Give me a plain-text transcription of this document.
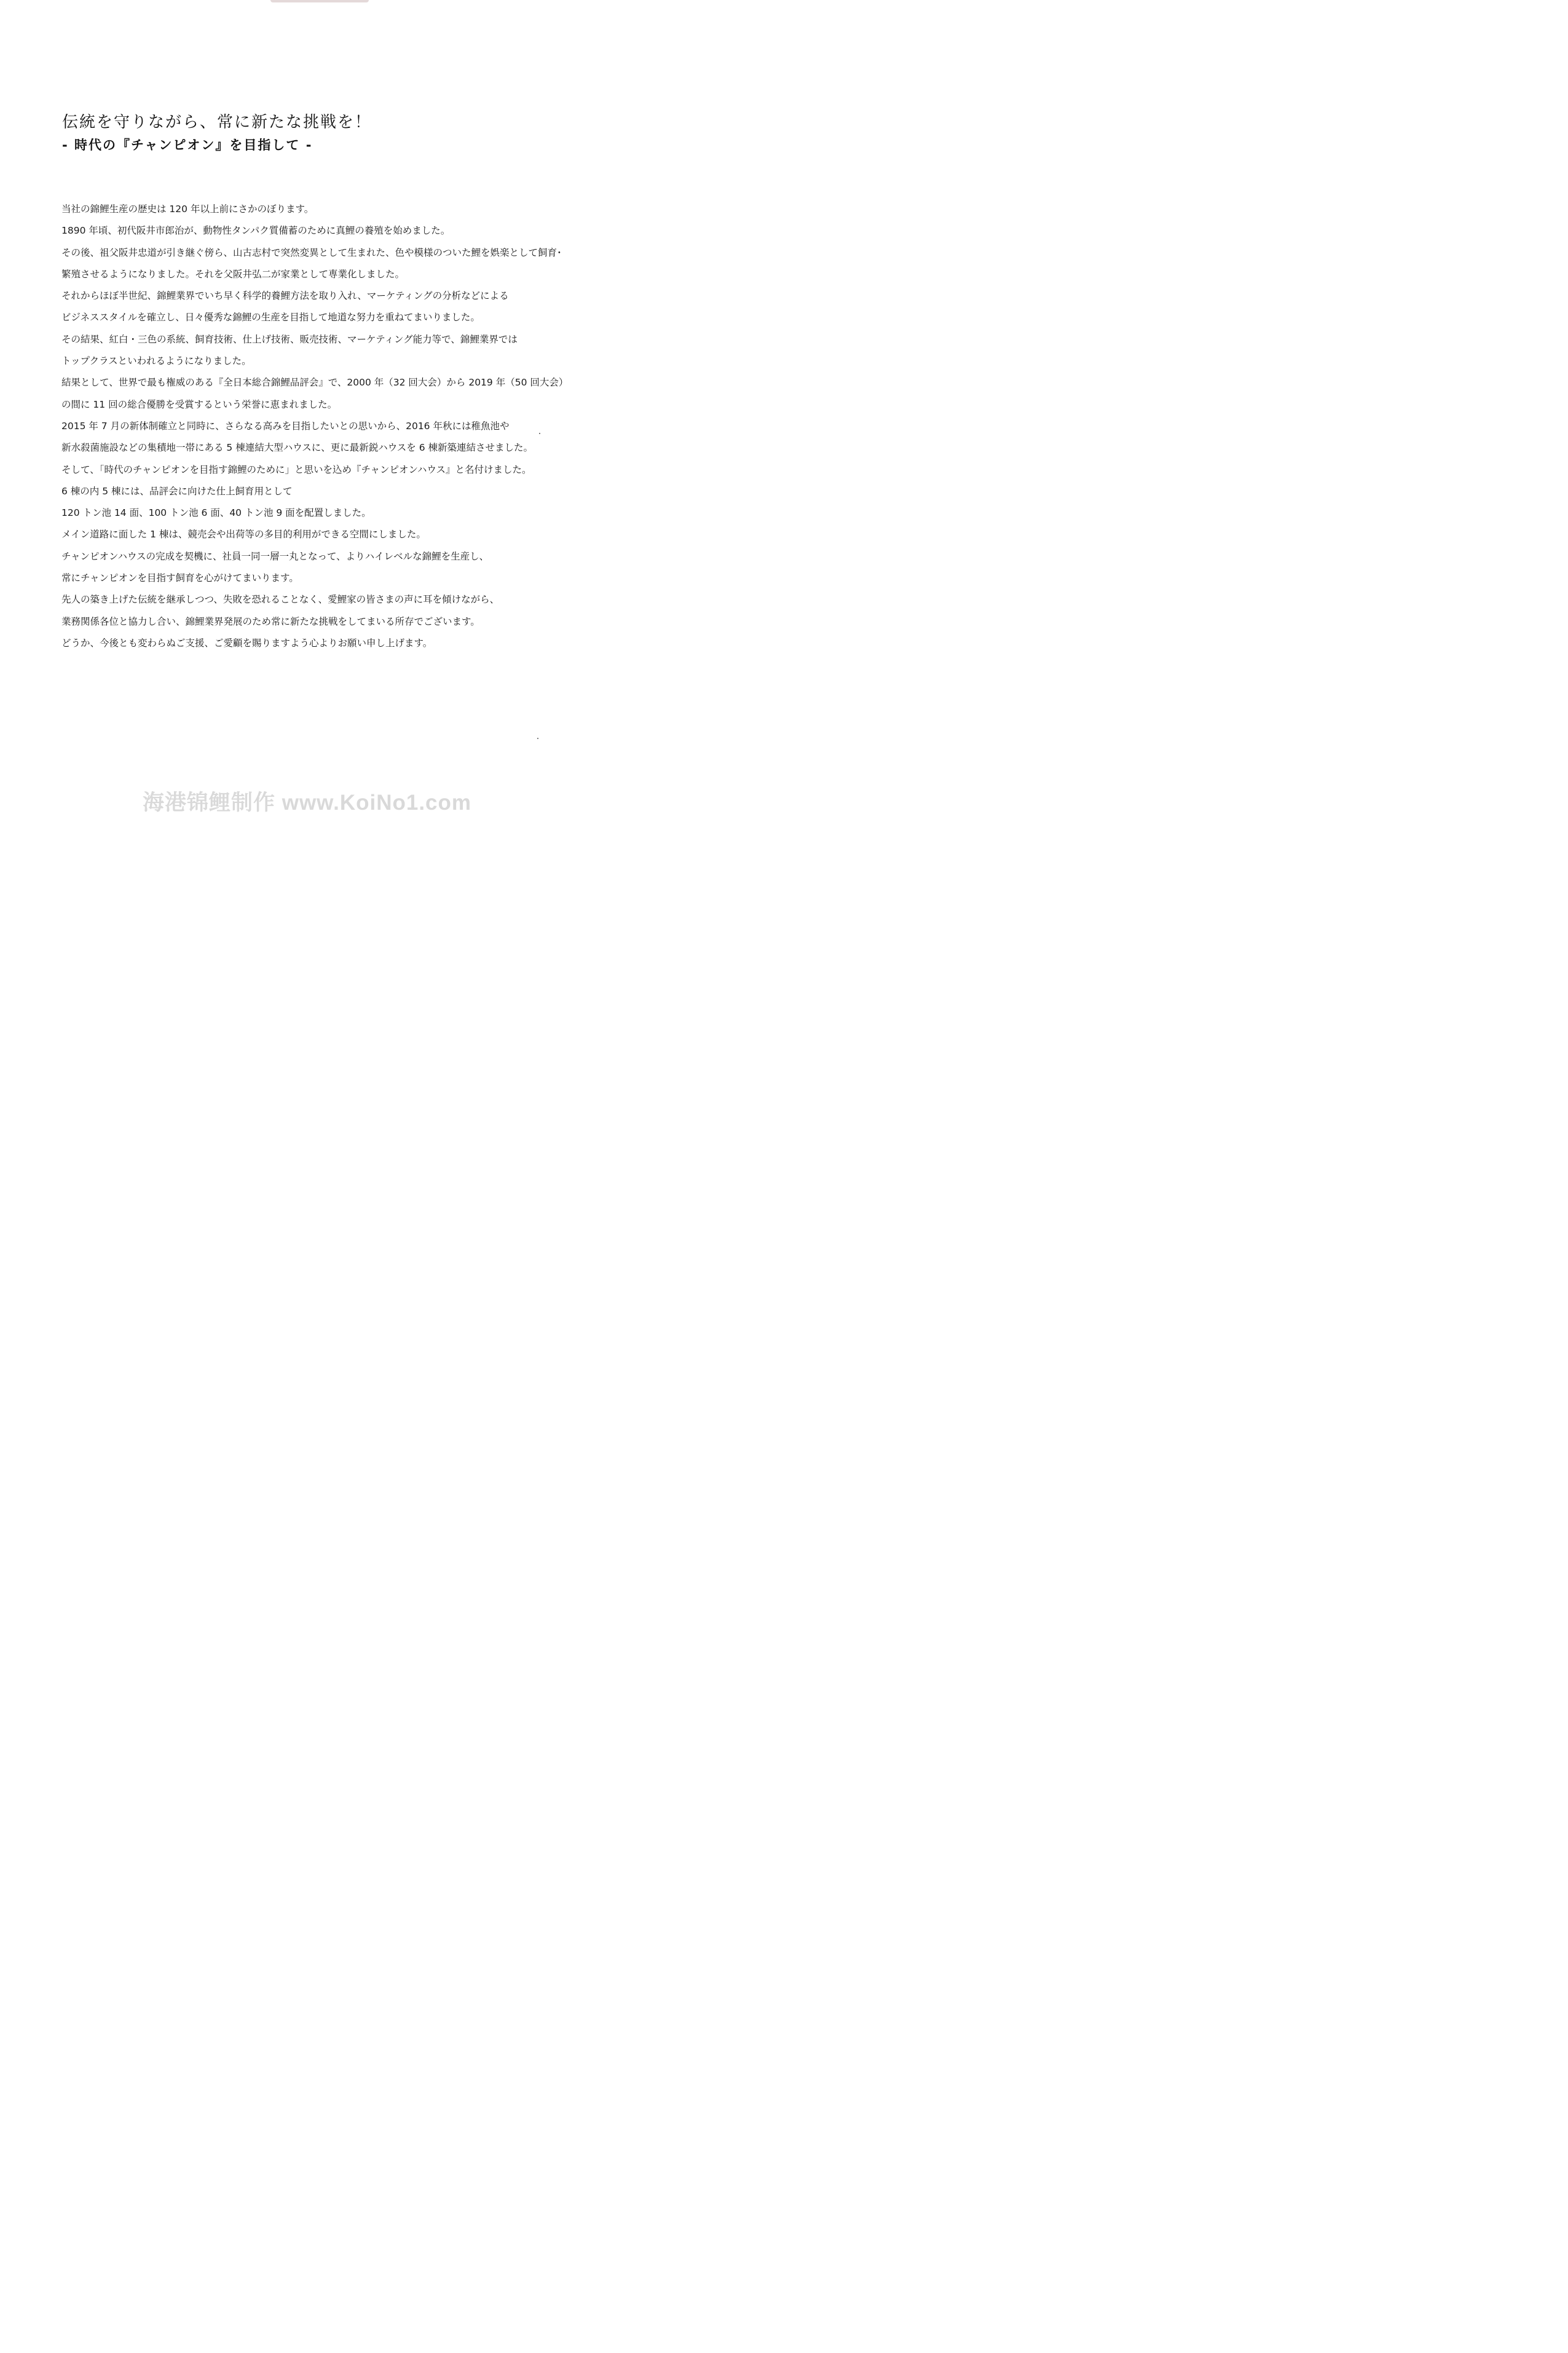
伝統を守りながら、常に新たな挑戦を！
- 時代の『チャンピオン』を目指して -
当社の錦鯉生産の歴史は 120 年以上前にさかのぼります。
1890 年頃、初代阪井市郎治が、動物性タンパク質備蓄のために真鯉の養殖を始めました。
その後、祖父阪井忠道が引き継ぐ傍ら、山古志村で突然変異として生まれた、色や模様のついた鯉を娯楽として飼育･
繁殖させるようになりました。それを父阪井弘二が家業として専業化しました。
それからほぼ半世紀、錦鯉業界でいち早く科学的養鯉方法を取り入れ、マーケティングの分析などによる
ビジネススタイルを確立し、日々優秀な錦鯉の生産を目指して地道な努力を重ねてまいりました。
その結果、紅白・三色の系統、飼育技術、仕上げ技術、販売技術、マーケティング能力等で、錦鯉業界では
トップクラスといわれるようになりました。
結果として、世界で最も権威のある『全日本総合錦鯉品評会』で、2000 年（32 回大会）から 2019 年（50 回大会）
の間に 11 回の総合優勝を受賞するという栄誉に恵まれました。
2015 年 7 月の新体制確立と同時に、さらなる高みを目指したいとの思いから、2016 年秋には稚魚池や
新水殺菌施設などの集積地一帯にある 5 棟連結大型ハウスに、更に最新鋭ハウスを 6 棟新築連結させました。
そして、「時代のチャンピオンを目指す錦鯉のために」と思いを込め『チャンピオンハウス』と名付けました。
6 棟の内 5 棟には、品評会に向けた仕上飼育用として
120 トン池 14 面、100 トン池 6 面、40 トン池 9 面を配置しました。
メイン道路に面した 1 棟は、競売会や出荷等の多目的利用ができる空間にしました。
チャンピオンハウスの完成を契機に、社員一同一層一丸となって、よりハイレベルな錦鯉を生産し、
常にチャンピオンを目指す飼育を心がけてまいります。
先人の築き上げた伝統を継承しつつ、失敗を恐れることなく、愛鯉家の皆さまの声に耳を傾けながら、
業務関係各位と協力し合い、錦鯉業界発展のため常に新たな挑戦をしてまいる所存でございます。
どうか、今後とも変わらぬご支援、ご愛顧を賜りますよう心よりお願い申し上げます。
海港锦鲤制作 www.KoiNo1.com
